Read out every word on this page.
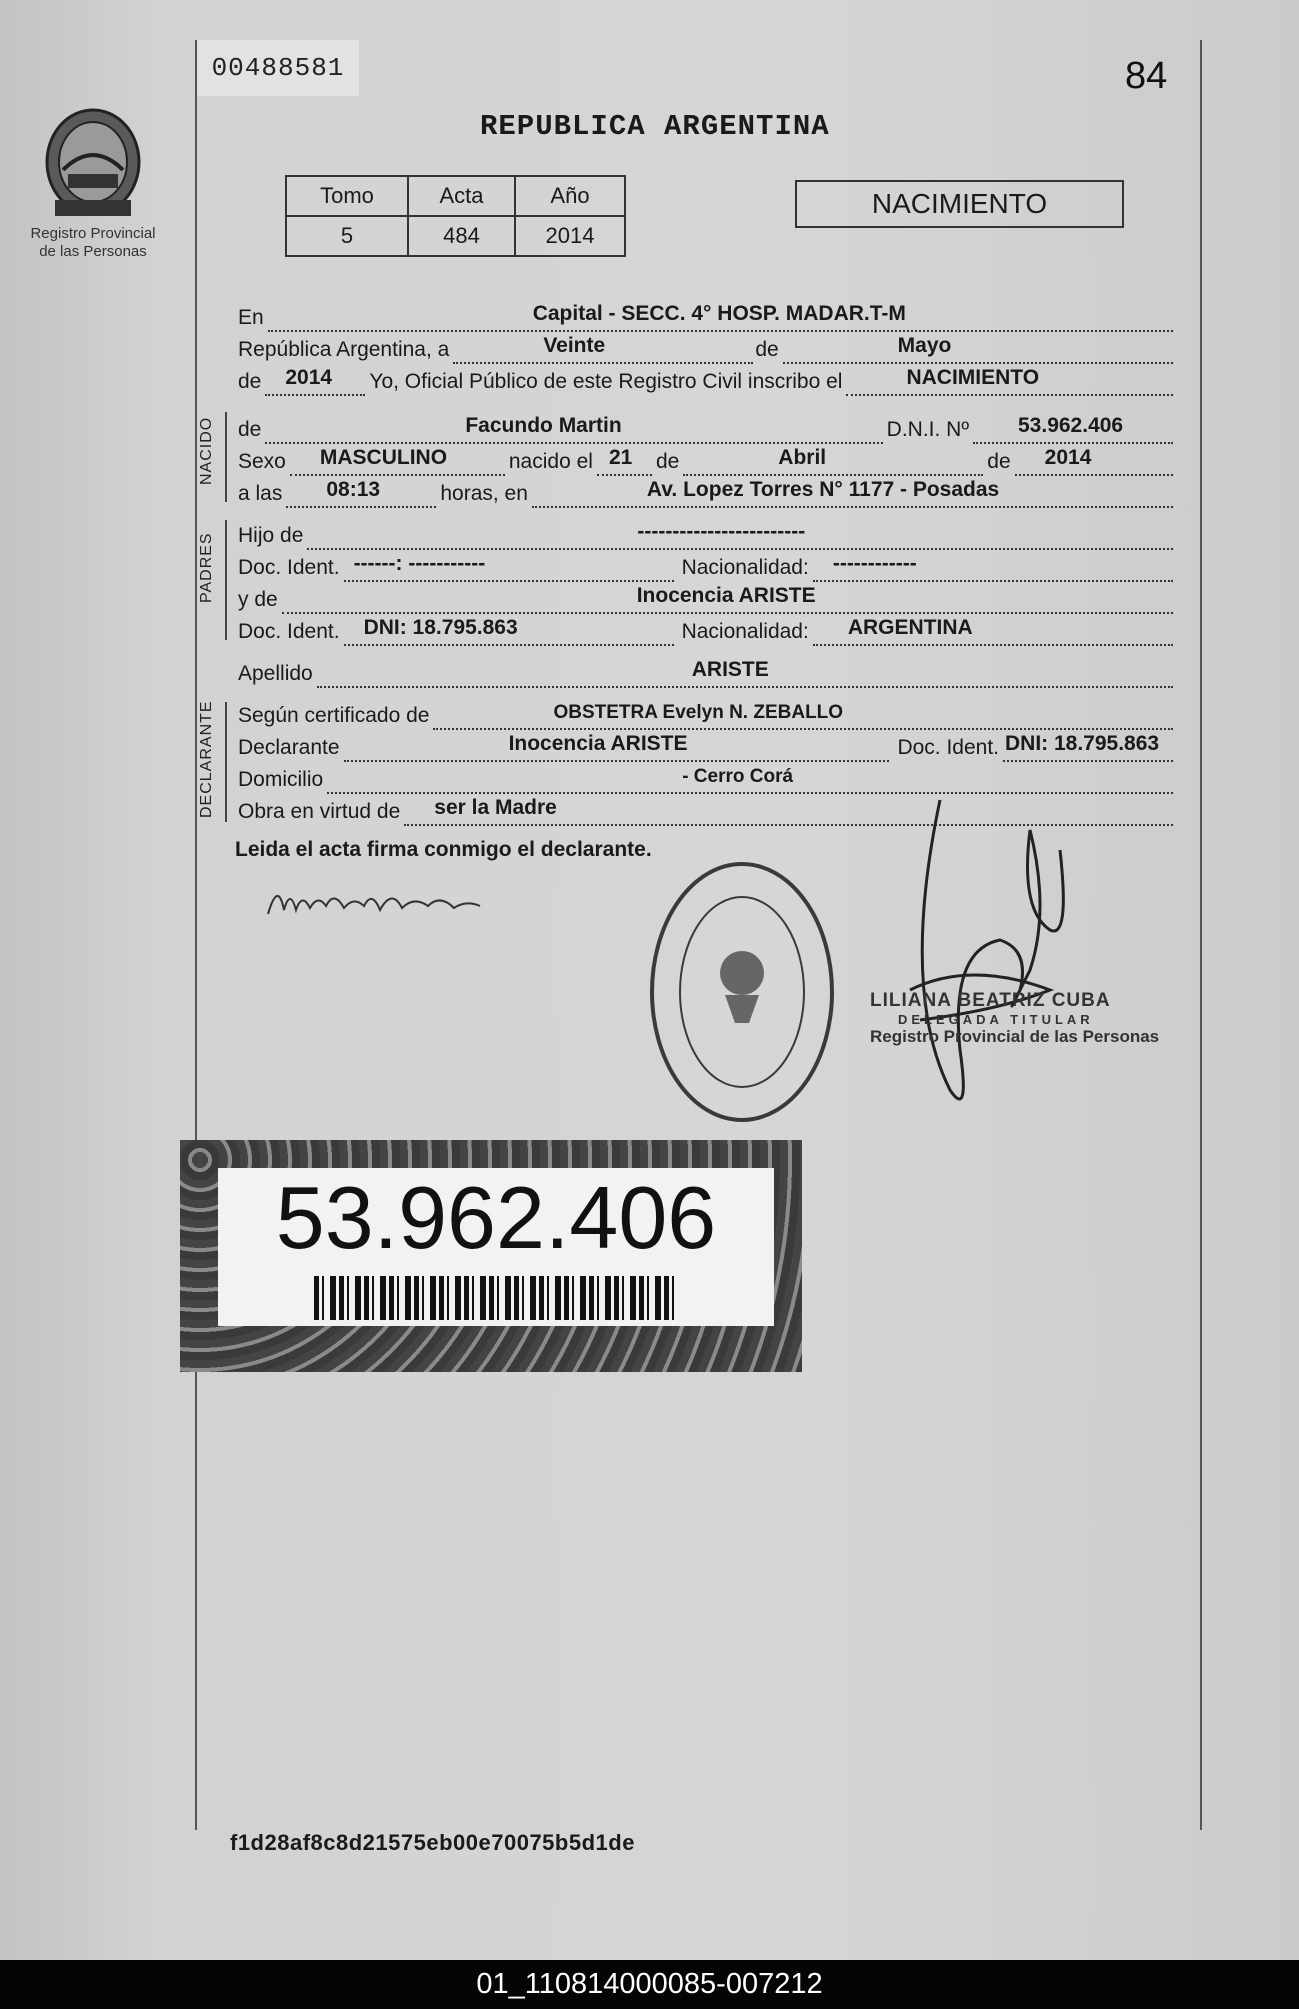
Registro Provincial
de las Personas
00488581	84
REPUBLICA ARGENTINA
Tomo	Acta	Año
5	484	2014
NACIMIENTO
En	Capital - SECC. 4° HOSP. MADAR.T-M
República Argentina, a	Veinte	de	Mayo
de 2014 Yo, Oficial Público de este Registro Civil inscribo el	NACIMIENTO
NACIDO de	Facundo Martin	D.N.I. Nº 53.962.406
Sexo MASCULINO	nacido el 21 de	Abril	de 2014
a las 08:13	horas, en	Av. Lopez Torres N° 1177 - Posadas
PADRES Hijo de	------------------------
Doc. Ident. ------: -----------	Nacionalidad: ------------
y de	Inocencia ARISTE
Doc. Ident. DNI: 18.795.863	Nacionalidad: ARGENTINA
Apellido	ARISTE
DECLARANTE Según certificado de	OBSTETRA Evelyn N. ZEBALLO
Declarante	Inocencia ARISTE	Doc. Ident. DNI: 18.795.863
Domicilio	- Cerro Corá
Obra en virtud de ser la Madre
Leida el acta firma conmigo el declarante.
LILIANA BEATRIZ CUBA
DELEGADA TITULAR
Registro Provincial de las Personas
53.962.406
f1d28af8c8d21575eb00e70075b5d1de
01_110814000085-007212
